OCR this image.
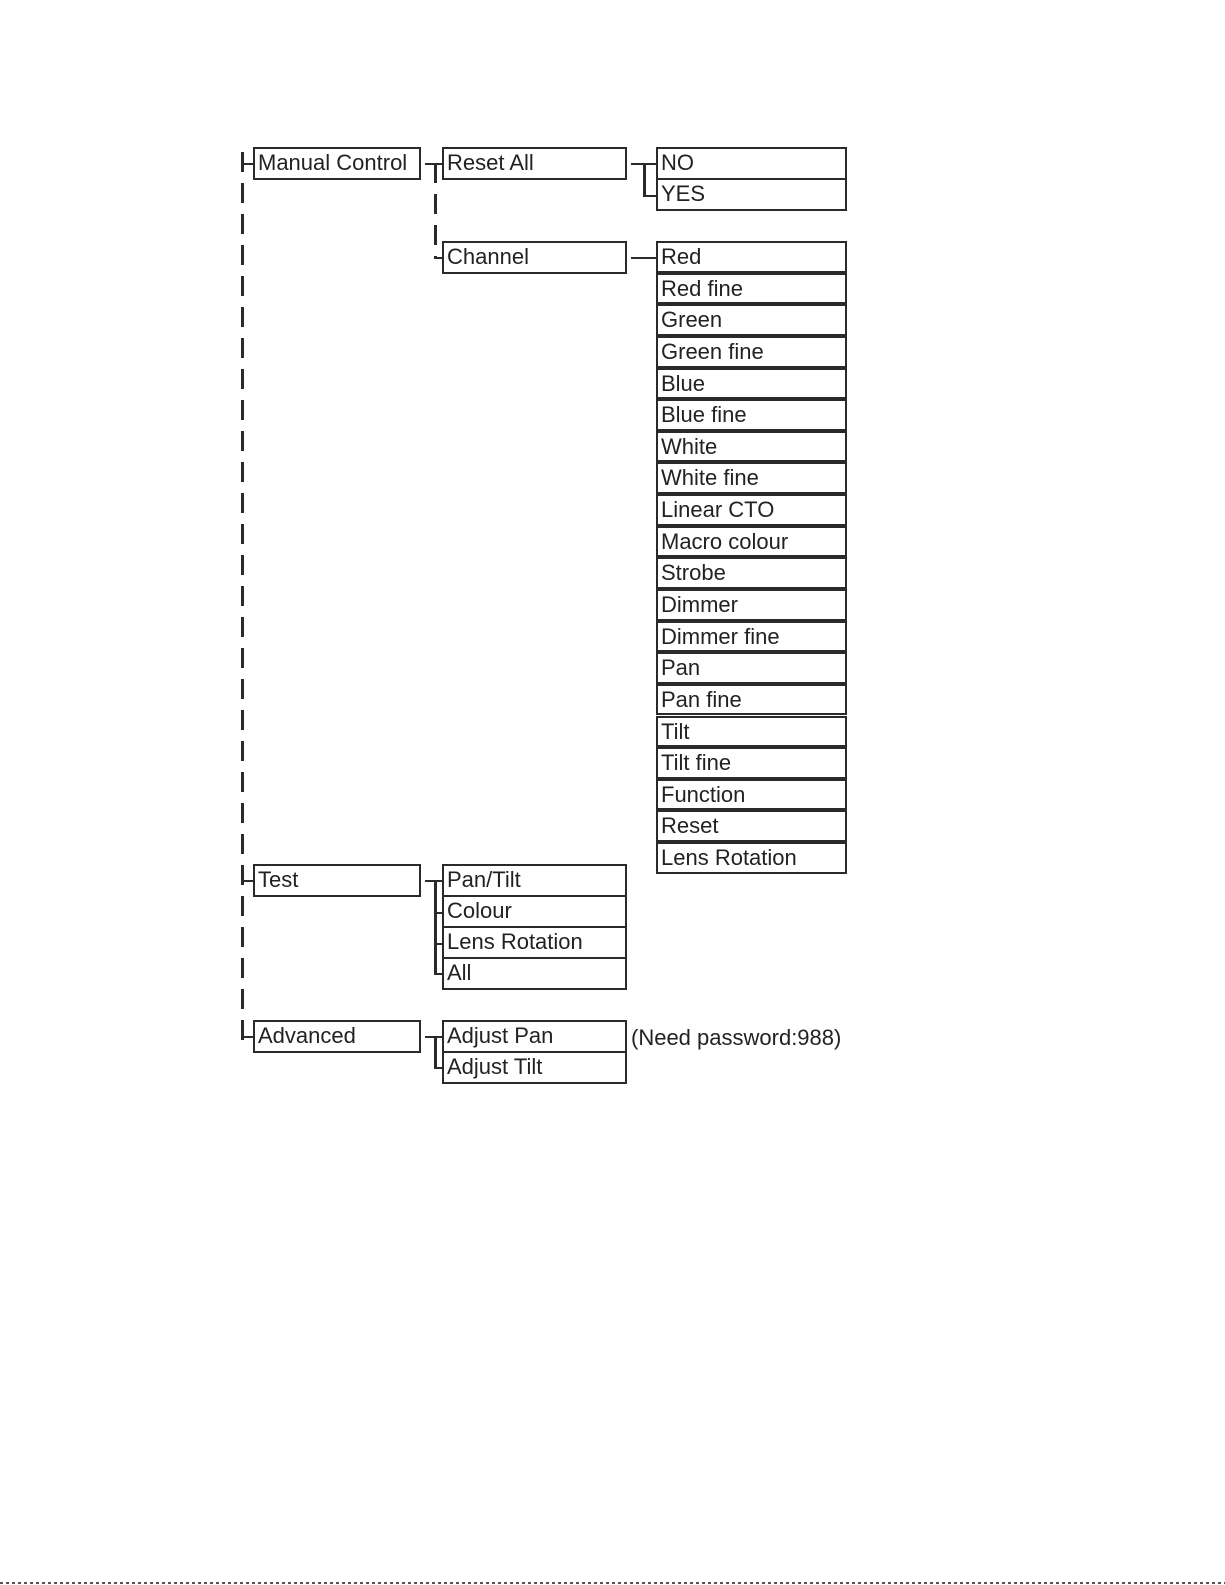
Manual Control
Test
Advanced
Reset All
Channel
Pan/Tilt
Colour
Lens Rotation
All
Adjust Pan
Adjust Tilt
(Need password:988)
NO
YES
Red
Red fine
Green
Green fine
Blue
Blue fine
White
White fine
Linear CTO
Macro colour
Strobe
Dimmer
Dimmer fine
Pan
Pan fine
Tilt
Tilt fine
Function
Reset
Lens Rotation
